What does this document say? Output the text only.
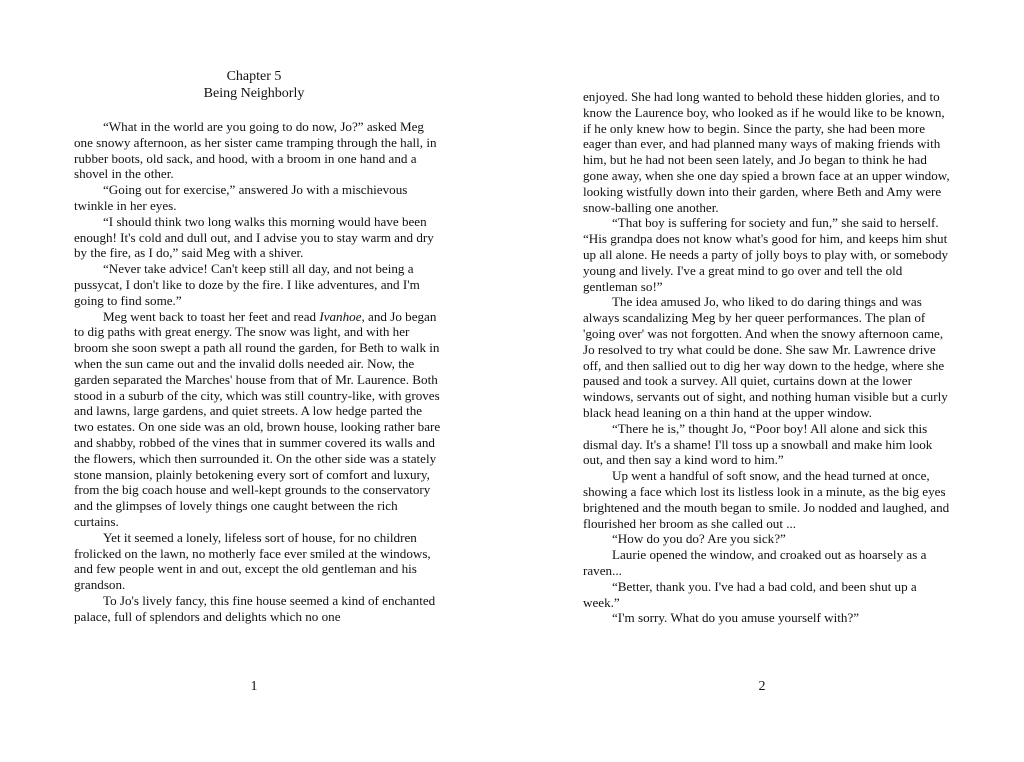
Chapter 5
Being Neighborly

“What in the world are you going to do now, Jo?” asked Meg one snowy afternoon, as her sister came tramping through the hall, in rubber boots, old sack, and hood, with a broom in one hand and a shovel in the other.

“Going out for exercise,” answered Jo with a mischievous twinkle in her eyes.

“I should think two long walks this morning would have been enough! It's cold and dull out, and I advise you to stay warm and dry by the fire, as I do,” said Meg with a shiver.

“Never take advice! Can't keep still all day, and not being a pussycat, I don't like to doze by the fire. I like adventures, and I'm going to find some.”

Meg went back to toast her feet and read Ivanhoe, and Jo began to dig paths with great energy. The snow was light, and with her broom she soon swept a path all round the garden, for Beth to walk in when the sun came out and the invalid dolls needed air. Now, the garden separated the Marches' house from that of Mr. Laurence. Both stood in a suburb of the city, which was still country-like, with groves and lawns, large gardens, and quiet streets. A low hedge parted the two estates. On one side was an old, brown house, looking rather bare and shabby, robbed of the vines that in summer covered its walls and the flowers, which then surrounded it. On the other side was a stately stone mansion, plainly betokening every sort of comfort and luxury, from the big coach house and well-kept grounds to the conservatory and the glimpses of lovely things one caught between the rich curtains.

Yet it seemed a lonely, lifeless sort of house, for no children frolicked on the lawn, no motherly face ever smiled at the windows, and few people went in and out, except the old gentleman and his grandson.

To Jo's lively fancy, this fine house seemed a kind of enchanted palace, full of splendors and delights which no one

1

enjoyed. She had long wanted to behold these hidden glories, and to know the Laurence boy, who looked as if he would like to be known, if he only knew how to begin. Since the party, she had been more eager than ever, and had planned many ways of making friends with him, but he had not been seen lately, and Jo began to think he had gone away, when she one day spied a brown face at an upper window, looking wistfully down into their garden, where Beth and Amy were snow-balling one another.

“That boy is suffering for society and fun,” she said to herself. “His grandpa does not know what's good for him, and keeps him shut up all alone. He needs a party of jolly boys to play with, or somebody young and lively. I've a great mind to go over and tell the old gentleman so!”

The idea amused Jo, who liked to do daring things and was always scandalizing Meg by her queer performances. The plan of 'going over' was not forgotten. And when the snowy afternoon came, Jo resolved to try what could be done. She saw Mr. Lawrence drive off, and then sallied out to dig her way down to the hedge, where she paused and took a survey. All quiet, curtains down at the lower windows, servants out of sight, and nothing human visible but a curly black head leaning on a thin hand at the upper window.

“There he is,” thought Jo, “Poor boy! All alone and sick this dismal day. It's a shame! I'll toss up a snowball and make him look out, and then say a kind word to him.”

Up went a handful of soft snow, and the head turned at once, showing a face which lost its listless look in a minute, as the big eyes brightened and the mouth began to smile. Jo nodded and laughed, and flourished her broom as she called out ...

“How do you do? Are you sick?”

Laurie opened the window, and croaked out as hoarsely as a raven...

“Better, thank you. I've had a bad cold, and been shut up a week.”

“I'm sorry. What do you amuse yourself with?”

2
